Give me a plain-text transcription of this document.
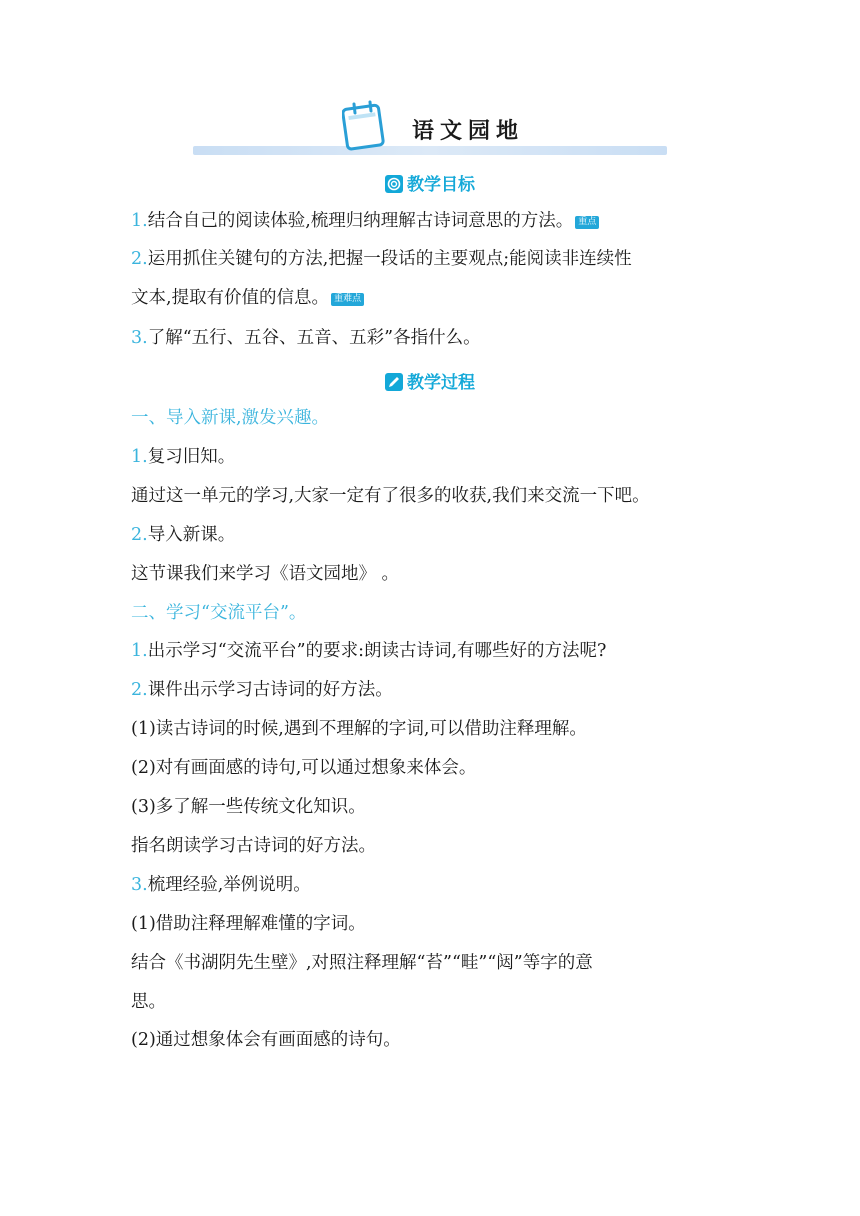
语文园地
教学目标
1.结合自己的阅读体验,梳理归纳理解古诗词意思的方法。 重点
2.运用抓住关键句的方法,把握一段话的主要观点;能阅读非连续性
文本,提取有价值的信息。 重难点
3.了解“五行、五谷、五音、五彩”各指什么。
教学过程
一、导入新课,激发兴趣。
1.复习旧知。
通过这一单元的学习,大家一定有了很多的收获,我们来交流一下吧。
2.导入新课。
这节课我们来学习《语文园地》 。
二、学习“交流平台”。
1.出示学习“交流平台”的要求:朗读古诗词,有哪些好的方法呢?
2.课件出示学习古诗词的好方法。
(1)读古诗词的时候,遇到不理解的字词,可以借助注释理解。
(2)对有画面感的诗句,可以通过想象来体会。
(3)多了解一些传统文化知识。
指名朗读学习古诗词的好方法。
3.梳理经验,举例说明。
(1)借助注释理解难懂的字词。
结合《书湖阴先生壁》,对照注释理解“苔”“畦”“闼”等字的意
思。
(2)通过想象体会有画面感的诗句。
